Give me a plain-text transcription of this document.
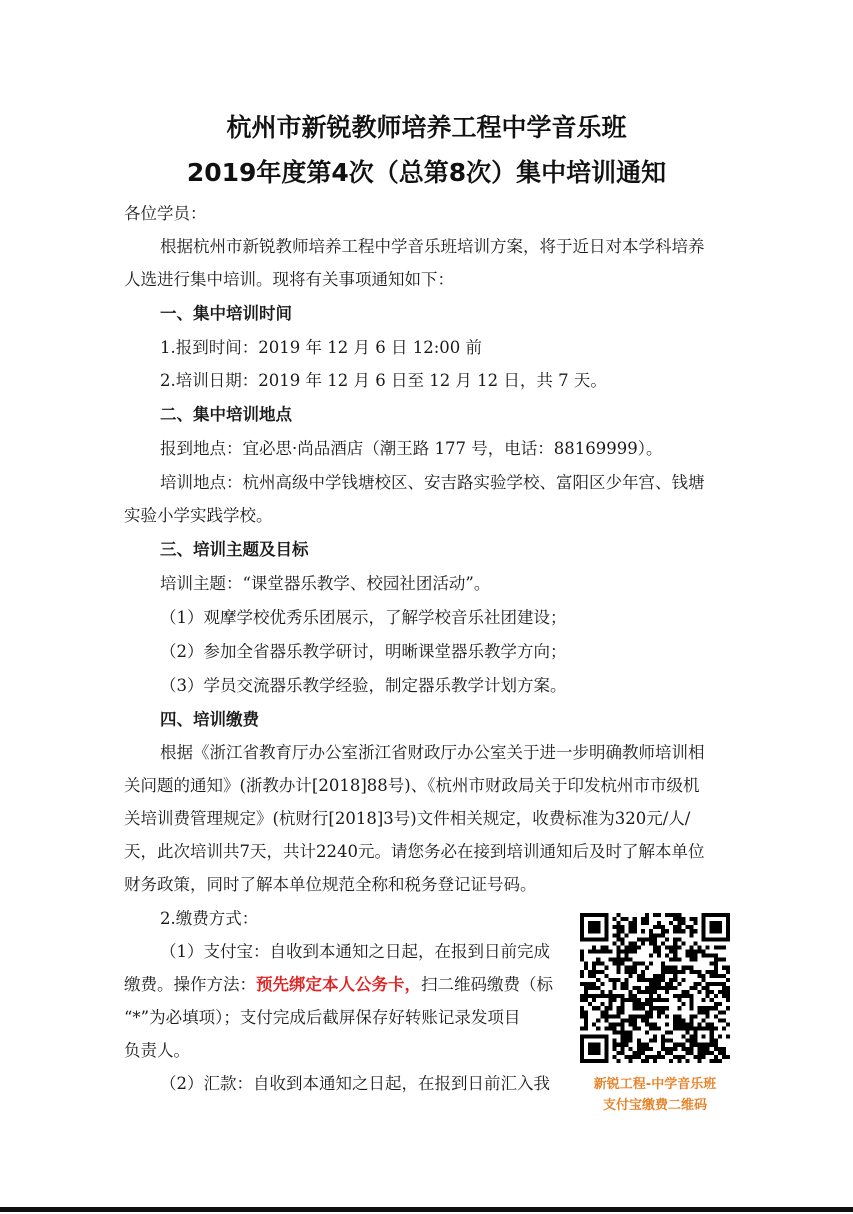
杭州市新锐教师培养工程中学音乐班
2019年度第4次（总第8次）集中培训通知
各位学员：
根据杭州市新锐教师培养工程中学音乐班培训方案，将于近日对本学科培养
人选进行集中培训。现将有关事项通知如下：
一、集中培训时间
1.报到时间：2019 年 12 月 6 日 12:00 前
2.培训日期：2019 年 12 月 6 日至 12 月 12 日，共 7 天。
二、集中培训地点
报到地点：宜必思·尚品酒店（潮王路 177 号，电话：88169999）。
培训地点：杭州高级中学钱塘校区、安吉路实验学校、富阳区少年宫、钱塘
实验小学实践学校。
三、培训主题及目标
培训主题：“课堂器乐教学、校园社团活动”。
（1）观摩学校优秀乐团展示，了解学校音乐社团建设；
（2）参加全省器乐教学研讨，明晰课堂器乐教学方向；
（3）学员交流器乐教学经验，制定器乐教学计划方案。
四、培训缴费
根据《浙江省教育厅办公室浙江省财政厅办公室关于进一步明确教师培训相
关问题的通知》(浙教办计[2018]88号)、《杭州市财政局关于印发杭州市市级机
关培训费管理规定》(杭财行[2018]3号)文件相关规定，收费标准为320元/人/
天，此次培训共7天，共计2240元。请您务必在接到培训通知后及时了解本单位
财务政策，同时了解本单位规范全称和税务登记证号码。
2.缴费方式：
（1）支付宝：自收到本通知之日起，在报到日前完成
缴费。操作方法：预先绑定本人公务卡，扫二维码缴费（标
“*”为必填项）；支付完成后截屏保存好转账记录发项目
负责人。
（2）汇款：自收到本通知之日起，在报到日前汇入我	新锐工程-中学音乐班
支付宝缴费二维码
